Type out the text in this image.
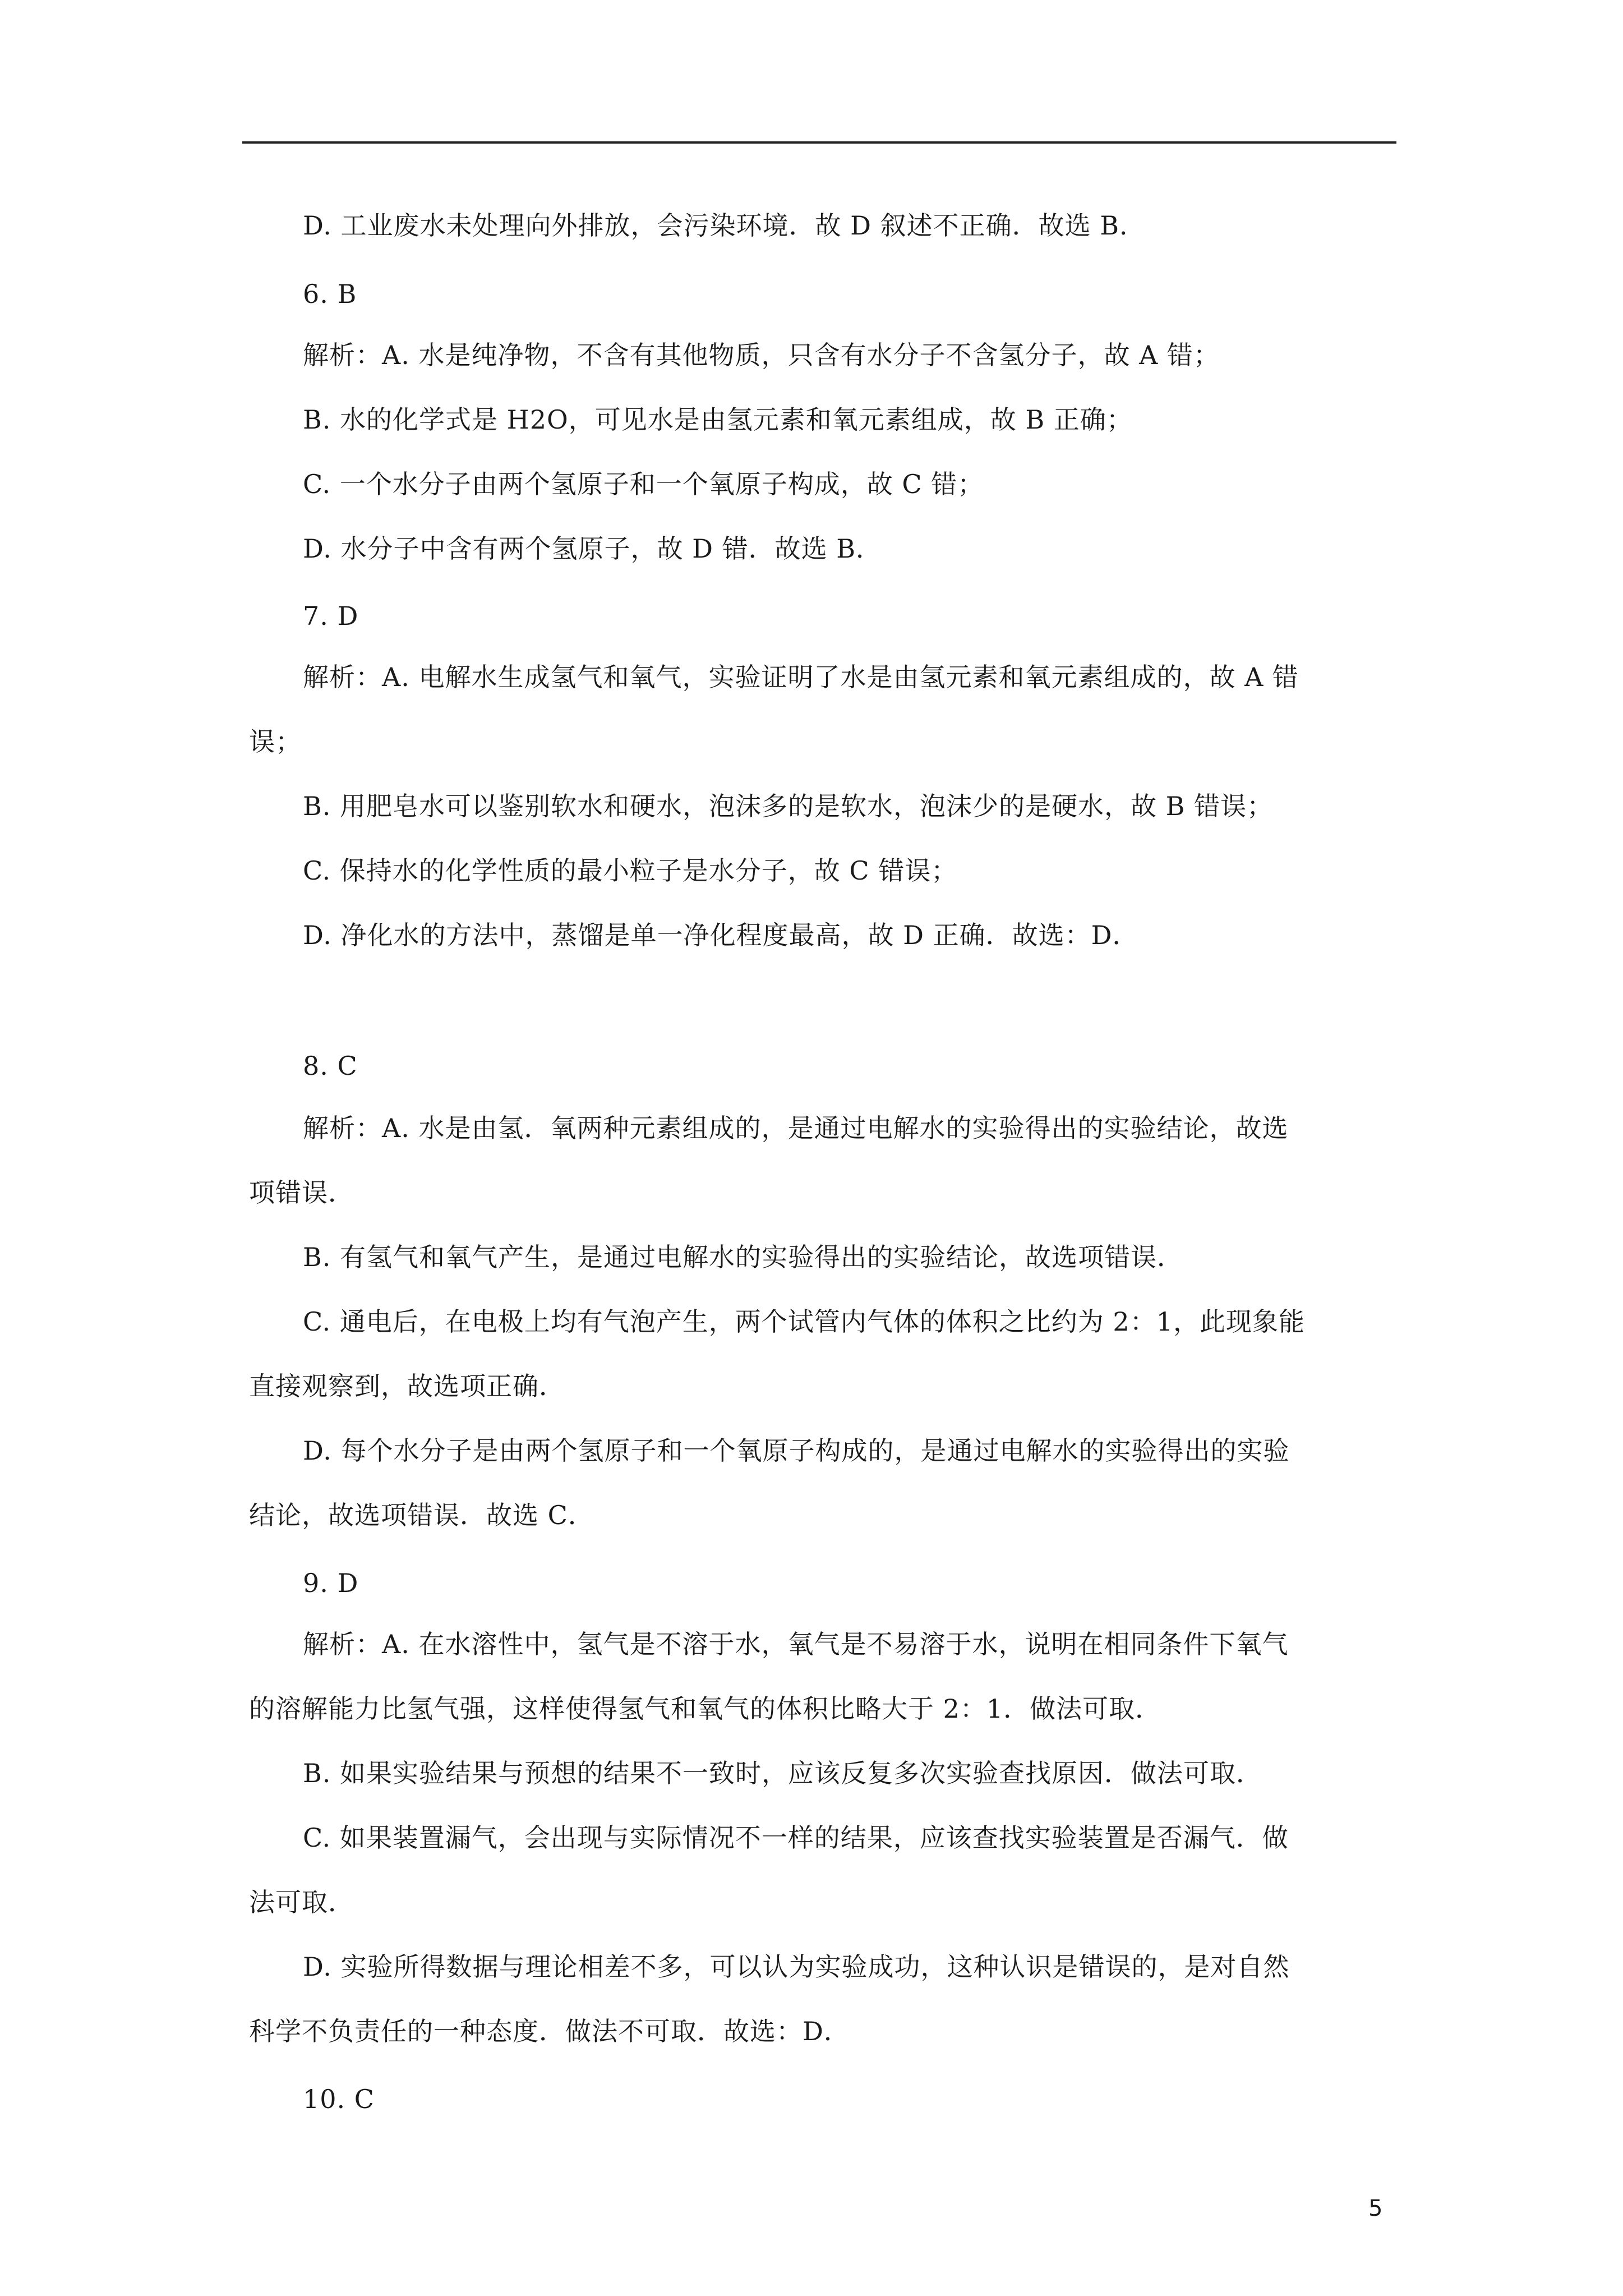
D. 工业废水未处理向外排放，会污染环境．故 D 叙述不正确．故选 B．
6. B
解析：A. 水是纯净物，不含有其他物质，只含有水分子不含氢分子，故 A 错；
B. 水的化学式是 H2O，可见水是由氢元素和氧元素组成，故 B 正确；
C. 一个水分子由两个氢原子和一个氧原子构成，故 C 错；
D. 水分子中含有两个氢原子，故 D 错．故选 B．
7. D
解析：A. 电解水生成氢气和氧气，实验证明了水是由氢元素和氧元素组成的，故 A 错
误；
B. 用肥皂水可以鉴别软水和硬水，泡沫多的是软水，泡沫少的是硬水，故 B 错误；
C. 保持水的化学性质的最小粒子是水分子，故 C 错误；
D. 净化水的方法中，蒸馏是单一净化程度最高，故 D 正确．故选：D．
8. C
解析：A. 水是由氢．氧两种元素组成的，是通过电解水的实验得出的实验结论，故选
项错误．
B. 有氢气和氧气产生，是通过电解水的实验得出的实验结论，故选项错误．
C. 通电后，在电极上均有气泡产生，两个试管内气体的体积之比约为 2：1，此现象能
直接观察到，故选项正确．
D. 每个水分子是由两个氢原子和一个氧原子构成的，是通过电解水的实验得出的实验
结论，故选项错误．故选 C．
9. D
解析：A. 在水溶性中，氢气是不溶于水，氧气是不易溶于水，说明在相同条件下氧气
的溶解能力比氢气强，这样使得氢气和氧气的体积比略大于 2：1．做法可取．
B. 如果实验结果与预想的结果不一致时，应该反复多次实验查找原因．做法可取．
C. 如果装置漏气，会出现与实际情况不一样的结果，应该查找实验装置是否漏气．做
法可取．
D. 实验所得数据与理论相差不多，可以认为实验成功，这种认识是错误的，是对自然
科学不负责任的一种态度．做法不可取．故选：D．
10. C
5
